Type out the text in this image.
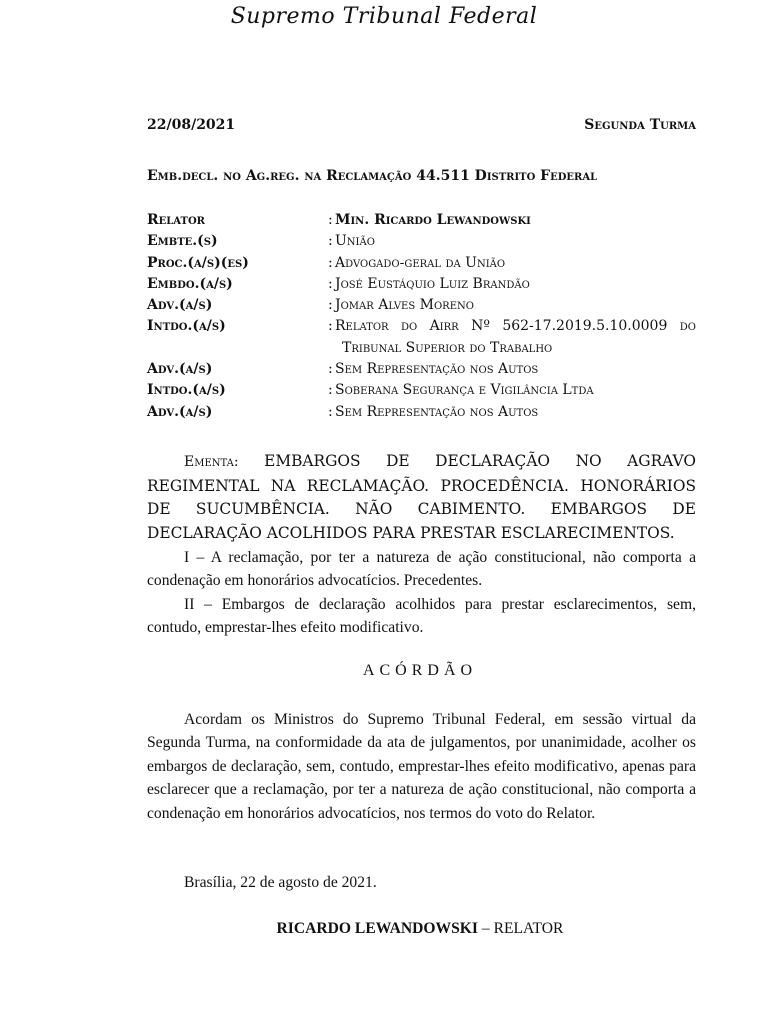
Supremo Tribunal Federal
22/08/2021	Segunda Turma
Emb.decl. no Ag.reg. na Reclamação 44.511 Distrito Federal
Relator	: Min. Ricardo Lewandowski
Embte.(s)	: União
Proc.(a/s)(es)	: Advogado-geral da União
Embdo.(a/s)	: José Eustáquio Luiz Brandão
Adv.(a/s)	: Jomar Alves Moreno
Intdo.(a/s)	: Relator do Airr Nº 562-17.2019.5.10.0009 do
Tribunal Superior do Trabalho
Adv.(a/s)	: Sem Representação nos Autos
Intdo.(a/s)	: Soberana Segurança e Vigilância Ltda
Adv.(a/s)	: Sem Representação nos Autos
Ementa: EMBARGOS DE DECLARAÇÃO NO AGRAVO REGIMENTAL NA RECLAMAÇÃO. PROCEDÊNCIA. HONORÁRIOS DE SUCUMBÊNCIA. NÃO CABIMENTO. EMBARGOS DE DECLARAÇÃO ACOLHIDOS PARA PRESTAR ESCLARECIMENTOS.

I – A reclamação, por ter a natureza de ação constitucional, não comporta a condenação em honorários advocatícios. Precedentes.

II – Embargos de declaração acolhidos para prestar esclarecimentos, sem, contudo, emprestar-lhes efeito modificativo.

ACÓRDÃO
Acordam os Ministros do Supremo Tribunal Federal, em sessão virtual da Segunda Turma, na conformidade da ata de julgamentos, por unanimidade, acolher os embargos de declaração, sem, contudo, emprestar-lhes efeito modificativo, apenas para esclarecer que a reclamação, por ter a natureza de ação constitucional, não comporta a condenação em honorários advocatícios, nos termos do voto do Relator.
Brasília, 22 de agosto de 2021.
RICARDO LEWANDOWSKI – RELATOR
